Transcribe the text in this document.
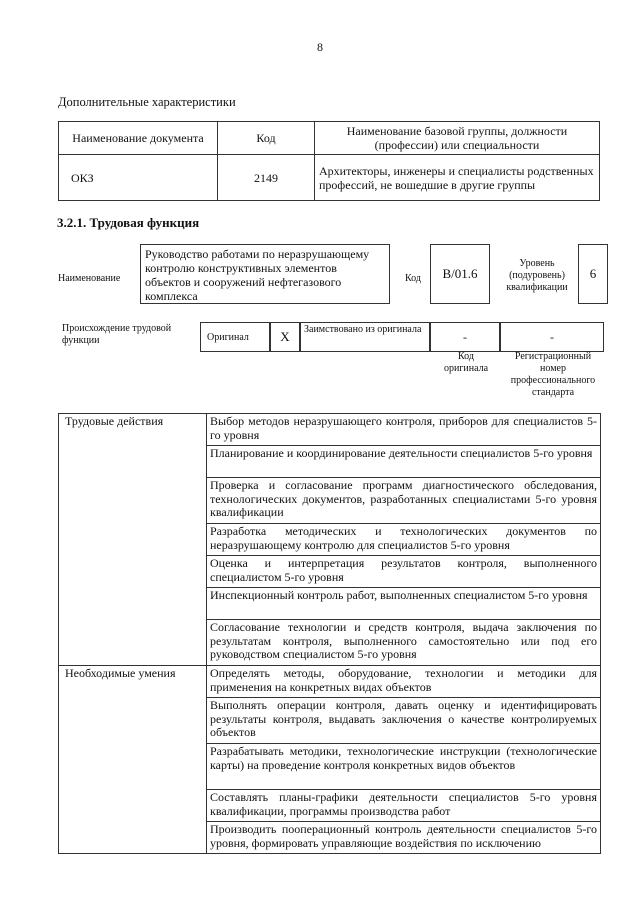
8
Дополнительные характеристики
Наименование документа	Код	Наименование базовой группы, должности (профессии) или специальности
ОКЗ	2149	Архитекторы, инженеры и специалисты родственных профессий, не вошедшие в другие группы
3.2.1. Трудовая функция
Наименование
Руководство работами по неразрушающему контролю конструктивных элементов объектов и сооружений нефтегазового комплекса
Код	B/01.6
Уровень (подуровень) квалификации
6
Происхождение трудовой функции	Оригинал	X	Заимствовано из оригинала	-	-
Код оригинала
Регистрационный номер профессионального стандарта
Трудовые действия	Выбор методов неразрушающего контроля, приборов для специалистов 5-го уровня
	Планирование и координирование деятельности специалистов 5-го уровня
	Проверка и согласование программ диагностического обследования, технологических документов, разработанных специалистами 5-го уровня квалификации
	Разработка методических и технологических документов по неразрушающему контролю для специалистов 5-го уровня
	Оценка и интерпретация результатов контроля, выполненного специалистом 5-го уровня
	Инспекционный контроль работ, выполненных специалистом 5-го уровня
	Согласование технологии и средств контроля, выдача заключения по результатам контроля, выполненного самостоятельно или под его руководством специалистом 5-го уровня
Необходимые умения	Определять методы, оборудование, технологии и методики для применения на конкретных видах объектов
	Выполнять операции контроля, давать оценку и идентифицировать результаты контроля, выдавать заключения о качестве контролируемых объектов
	Разрабатывать методики, технологические инструкции (технологические карты) на проведение контроля конкретных видов объектов
	Составлять планы-графики деятельности специалистов 5-го уровня квалификации, программы производства работ
	Производить пооперационный контроль деятельности специалистов 5-го уровня, формировать управляющие воздействия по исключению
